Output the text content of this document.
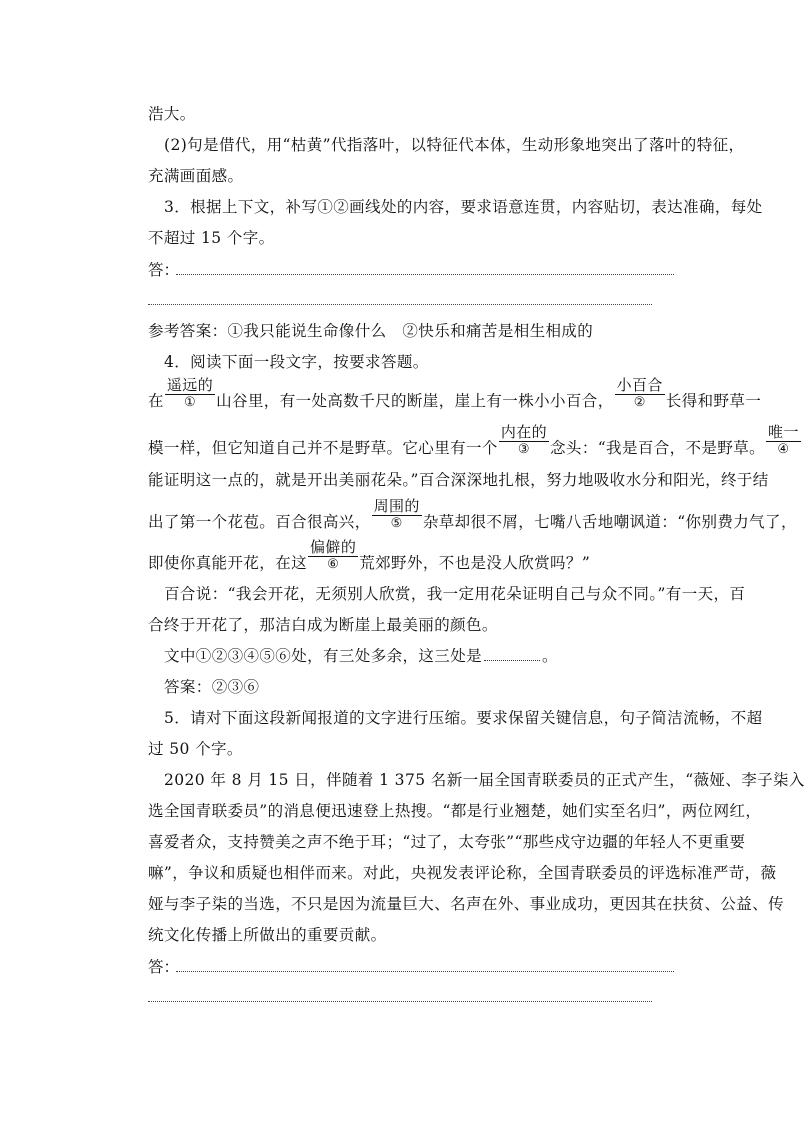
浩大。
(2)句是借代，用“枯黄”代指落叶，以特征代本体，生动形象地突出了落叶的特征，
充满画面感。
3．根据上下文，补写①②画线处的内容，要求语意连贯，内容贴切，表达准确，每处
不超过 15 个字。
答：
参考答案：①我只能说生命像什么　②快乐和痛苦是相生相成的
4．阅读下面一段文字，按要求答题。
在
遥远的
①	山谷里，有一处高数千尺的断崖，崖上有一株小小百合，
小百合
②	长得和野草一
模一样，但它知道自己并不是野草。它心里有一个
内在的
③	念头：“我是百合，不是野草。
唯一
④
能证明这一点的，就是开出美丽花朵。”百合深深地扎根，努力地吸收水分和阳光，终于结
出了第一个花苞。百合很高兴，
周围的
⑤	杂草却很不屑，七嘴八舌地嘲讽道：“你别费力气了，
即使你真能开花，在这
偏僻的
⑥	荒郊野外，不也是没人欣赏吗？”
百合说：“我会开花，无须别人欣赏，我一定用花朵证明自己与众不同。”有一天，百
合终于开花了，那洁白成为断崖上最美丽的颜色。
文中①②③④⑤⑥处，有三处多余，这三处是	。
答案：②③⑥
5．请对下面这段新闻报道的文字进行压缩。要求保留关键信息，句子简洁流畅，不超
过 50 个字。
2020 年 8 月 15 日，伴随着 1 375 名新一届全国青联委员的正式产生，“薇娅、李子柒入
选全国青联委员”的消息便迅速登上热搜。“都是行业翘楚，她们实至名归”，两位网红，
喜爱者众，支持赞美之声不绝于耳；“过了，太夸张”“那些戍守边疆的年轻人不更重要
嘛”，争议和质疑也相伴而来。对此，央视发表评论称，全国青联委员的评选标准严苛，薇
娅与李子柒的当选，不只是因为流量巨大、名声在外、事业成功，更因其在扶贫、公益、传
统文化传播上所做出的重要贡献。
答：
